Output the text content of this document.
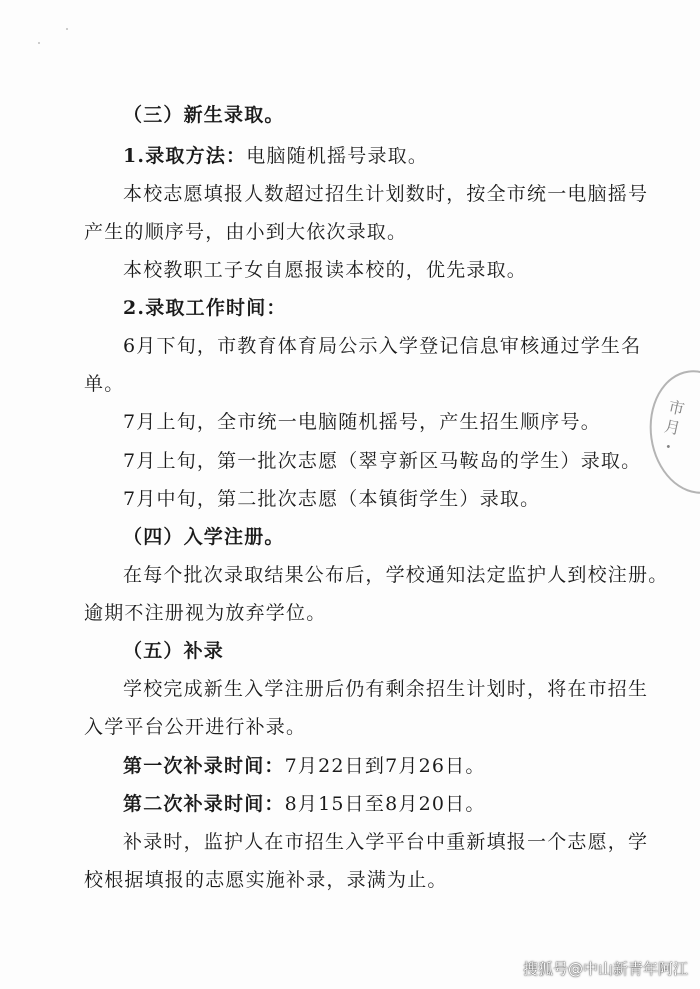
（三）新生录取。
1.录取方法：电脑随机摇号录取。
本校志愿填报人数超过招生计划数时，按全市统一电脑摇号
产生的顺序号，由小到大依次录取。
本校教职工子女自愿报读本校的，优先录取。
2.录取工作时间：
6月下旬，市教育体育局公示入学登记信息审核通过学生名
单。
7月上旬，全市统一电脑随机摇号，产生招生顺序号。
7月上旬，第一批次志愿（翠亨新区马鞍岛的学生）录取。
7月中旬，第二批次志愿（本镇街学生）录取。
（四）入学注册。
在每个批次录取结果公布后，学校通知法定监护人到校注册。
逾期不注册视为放弃学位。
（五）补录
学校完成新生入学注册后仍有剩余招生计划时，将在市招生
入学平台公开进行补录。
第一次补录时间：7月22日到7月26日。
第二次补录时间：8月15日至8月20日。
补录时，监护人在市招生入学平台中重新填报一个志愿，学
校根据填报的志愿实施补录，录满为止。
市 月 ・
搜狐号@中山新青年阿江
